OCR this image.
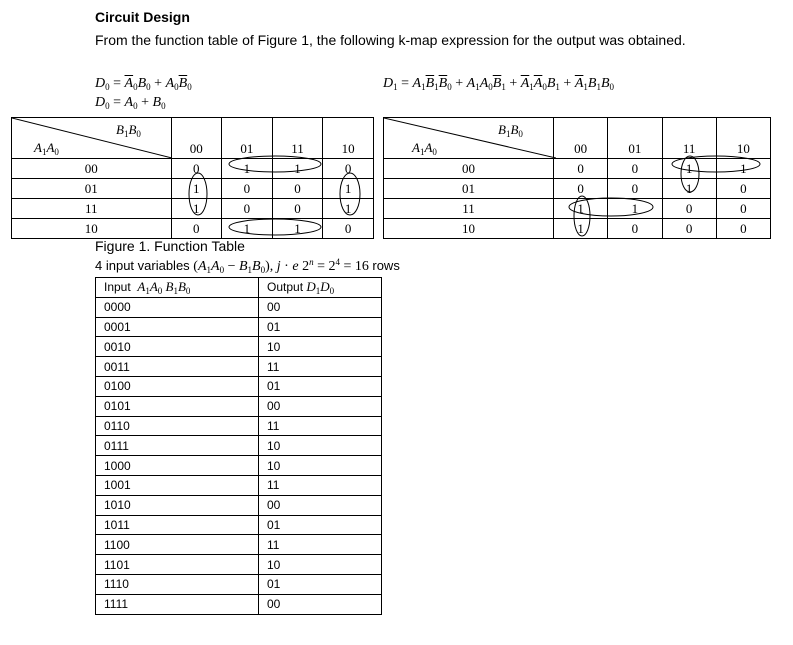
Circuit Design
From the function table of Figure 1, the following k-map expression for the output was obtained.
$D_0 = \overline{A}_0B_0 + A_0\overline{B}_0$
$D_0 = A_0 + B_0$
$D_1 = A_1\overline{B}_1\overline{B}_0 + A_1A_0\overline{B}_1 + \overline{A}_1\overline{A}_0B_1 + \overline{A}_1B_1B_0$
$B_1B_0$
$A_1A_0$	00	01	11	10
00	0	1	1	0
01	1	0	0	1
11	1	0	0	1
10	0	1	1	0
$B_1B_0$
$A_1A_0$	00	01	11	10
00	0	0	1	1
01	0	0	1	0
11	1	1	0	0
10	1	0	0	0
Figure 1. Function Table
4 input variables $(A_1A_0 - B_1B_0)$, j · e $2^n = 2^4 = 16$ rows
Input  $A_1A_0$ $B_1B_0$	Output $D_1D_0$
0000	00
0001	01
0010	10
0011	11
0100	01
0101	00
0110	11
0111	10
1000	10
1001	11
1010	00
1011	01
1100	11
1101	10
1110	01
1111	00
